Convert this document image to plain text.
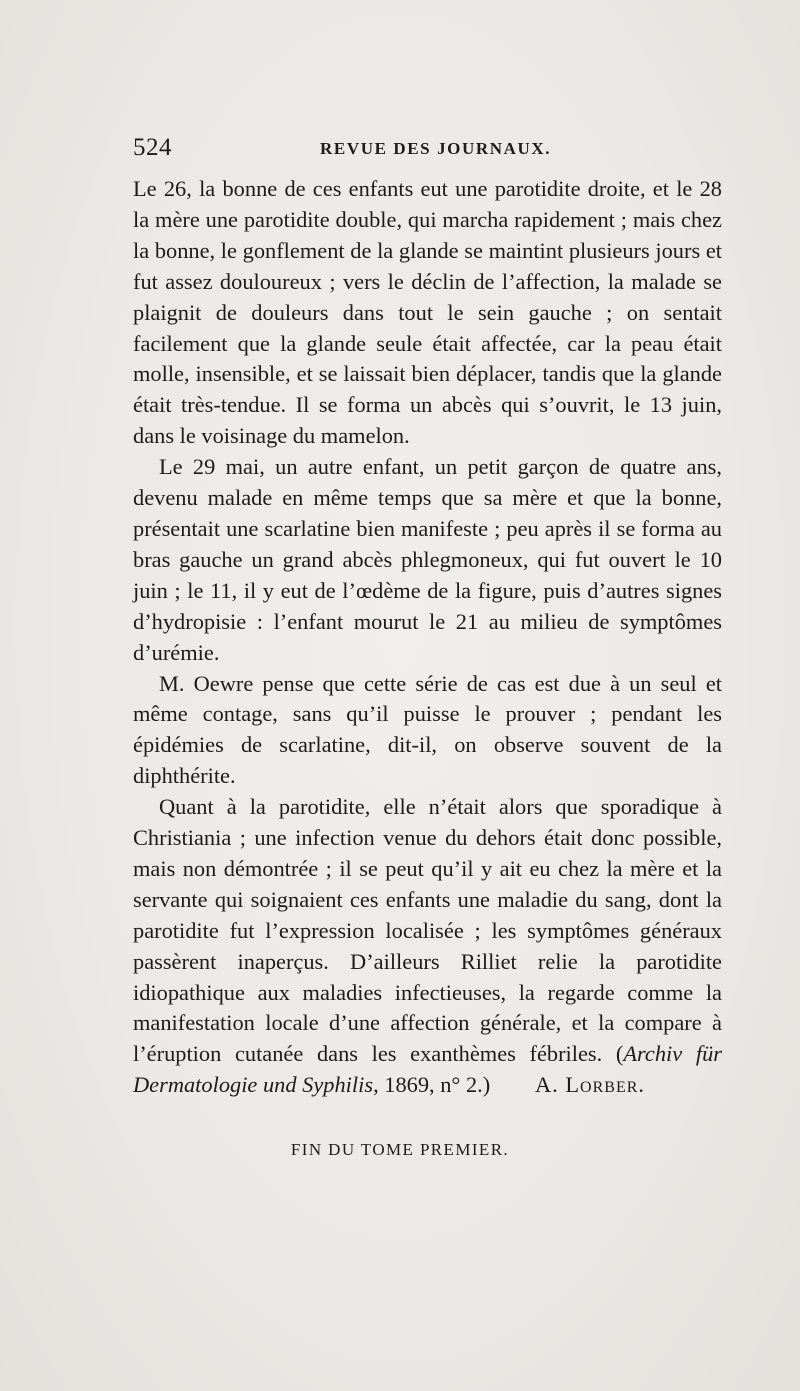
524	REVUE DES JOURNAUX.

Le 26, la bonne de ces enfants eut une parotidite droite, et le 28 la mère une parotidite double, qui marcha rapidement ; mais chez la bonne, le gonflement de la glande se maintint plusieurs jours et fut assez douloureux ; vers le déclin de l’affection, la malade se plaignit de douleurs dans tout le sein gauche ; on sentait facilement que la glande seule était affectée, car la peau était molle, insensible, et se laissait bien déplacer, tandis que la glande était très-tendue. Il se forma un abcès qui s’ouvrit, le 13 juin, dans le voisinage du mamelon.

Le 29 mai, un autre enfant, un petit garçon de quatre ans, devenu malade en même temps que sa mère et que la bonne, présentait une scarlatine bien manifeste ; peu après il se forma au bras gauche un grand abcès phlegmoneux, qui fut ouvert le 10 juin ; le 11, il y eut de l’œdème de la figure, puis d’autres signes d’hydropisie : l’enfant mourut le 21 au milieu de symptômes d’urémie.

M. Oewre pense que cette série de cas est due à un seul et même contage, sans qu’il puisse le prouver ; pendant les épidémies de scarlatine, dit-il, on observe souvent de la diphthérite.

Quant à la parotidite, elle n’était alors que sporadique à Christiania ; une infection venue du dehors était donc possible, mais non démontrée ; il se peut qu’il y ait eu chez la mère et la servante qui soignaient ces enfants une maladie du sang, dont la parotidite fut l’expression localisée ; les symptômes généraux passèrent inaperçus. D’ailleurs Rilliet relie la parotidite idiopathique aux maladies infectieuses, la regarde comme la manifestation locale d’une affection générale, et la compare à l’éruption cutanée dans les exanthèmes fébriles. (Archiv für Dermatologie und Syphilis, 1869, n° 2.) A. Lorber.

FIN DU TOME PREMIER.
